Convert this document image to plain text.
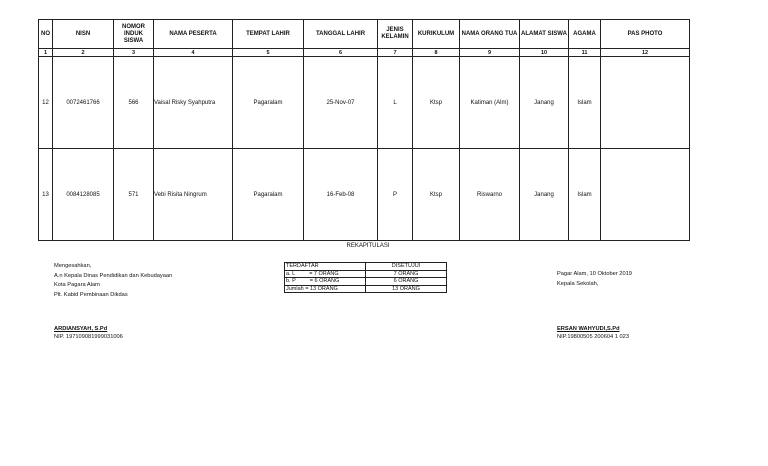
NO	NISN	NOMOR INDUK SISWA	NAMA PESERTA	TEMPAT LAHIR	TANGGAL LAHIR	JENIS KELAMIN	KURIKULUM	NAMA ORANG TUA	ALAMAT SISWA	AGAMA	PAS PHOTO
1	2	3	4	5	6	7	8	9	10	11	12
12	0072461766	566	Vaisal Risky Syahputra	Pagaralam	25-Nov-07	L	Ktsp	Katiman (Alm)	Janang	Islam	
13	0084128085	571	Vebi Risita Ningrum	Pagaralam	16-Feb-08	P	Ktsp	Riswarno	Janang	Islam	
REKAPITULASI
Mengesahkan,
A.n Kepala Dinas Pendidikan dan Kebudayaan
Kota Pagara Alam
Plt. Kabid Pembinaan Dikdas
TERDAFTAR	DISETUJUI
a. L = 7 ORANG	7 ORANG
b. P = 6 ORANG	6 ORANG
Jumlah = 13 ORANG	13 ORANG
Pagar Alam, 10 Oktober 2019
Kepala Sekolah,
ARDIANSYAH, S.Pd
NIP. 197109081999031006
ERSAN WAHYUDI,S.Pd
NIP.19800505 200604 1 023
